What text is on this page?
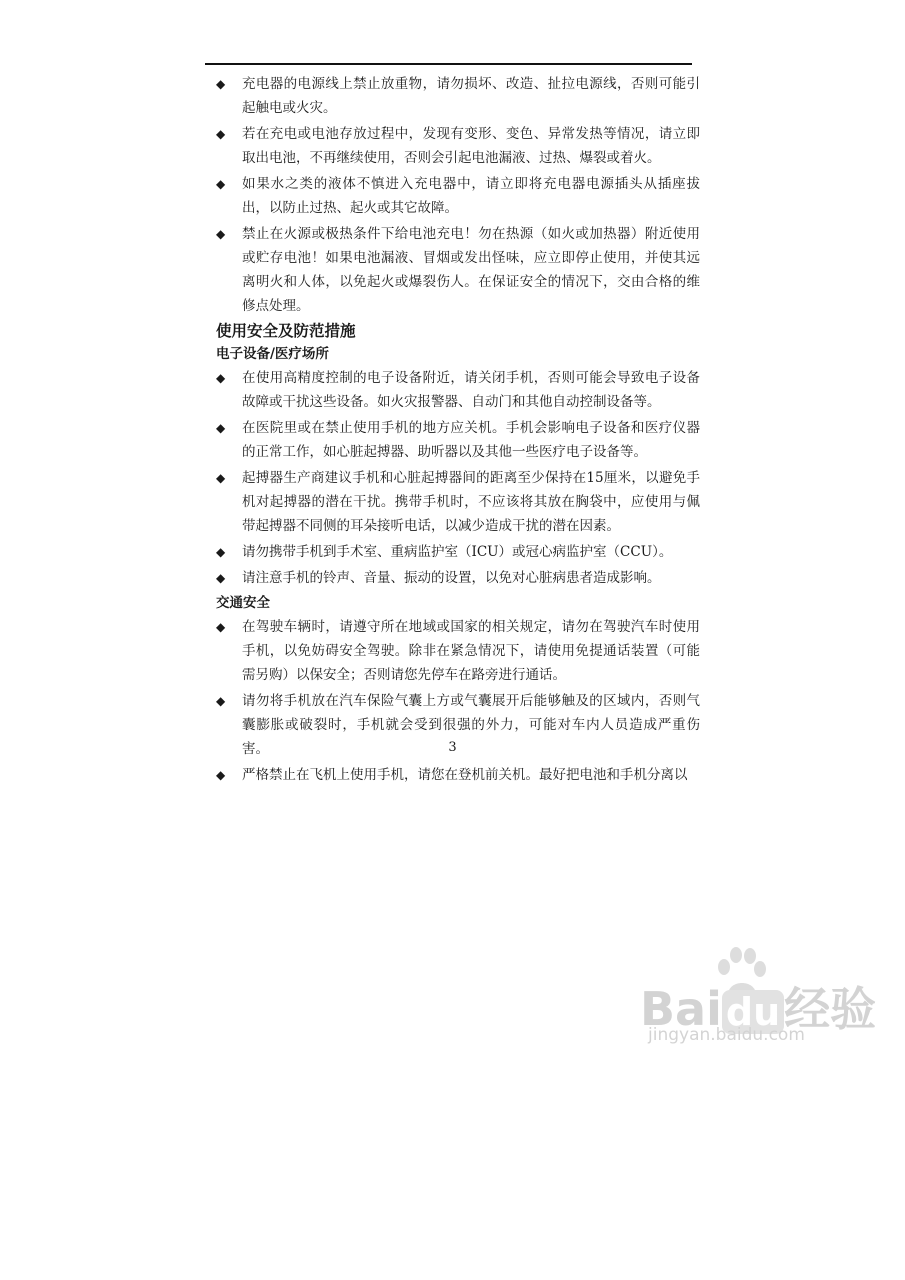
◆ 充电器的电源线上禁止放重物，请勿损坏、改造、扯拉电源线，否则可能引起触电或火灾。
◆ 若在充电或电池存放过程中，发现有变形、变色、异常发热等情况，请立即取出电池，不再继续使用，否则会引起电池漏液、过热、爆裂或着火。
◆ 如果水之类的液体不慎进入充电器中，请立即将充电器电源插头从插座拔出，以防止过热、起火或其它故障。
◆ 禁止在火源或极热条件下给电池充电！勿在热源（如火或加热器）附近使用或贮存电池！如果电池漏液、冒烟或发出怪味，应立即停止使用，并使其远离明火和人体，以免起火或爆裂伤人。在保证安全的情况下，交由合格的维修点处理。
使用安全及防范措施
电子设备/医疗场所
◆ 在使用高精度控制的电子设备附近，请关闭手机，否则可能会导致电子设备故障或干扰这些设备。如火灾报警器、自动门和其他自动控制设备等。
◆ 在医院里或在禁止使用手机的地方应关机。手机会影响电子设备和医疗仪器的正常工作，如心脏起搏器、助听器以及其他一些医疗电子设备等。
◆ 起搏器生产商建议手机和心脏起搏器间的距离至少保持在15厘米，以避免手机对起搏器的潜在干扰。携带手机时，不应该将其放在胸袋中，应使用与佩带起搏器不同侧的耳朵接听电话，以减少造成干扰的潜在因素。
◆ 请勿携带手机到手术室、重病监护室（ICU）或冠心病监护室（CCU）。
◆ 请注意手机的铃声、音量、振动的设置，以免对心脏病患者造成影响。
交通安全
◆ 在驾驶车辆时，请遵守所在地域或国家的相关规定，请勿在驾驶汽车时使用手机，以免妨碍安全驾驶。除非在紧急情况下，请使用免提通话装置（可能需另购）以保安全；否则请您先停车在路旁进行通话。
◆ 请勿将手机放在汽车保险气囊上方或气囊展开后能够触及的区域内，否则气囊膨胀或破裂时，手机就会受到很强的外力，可能对车内人员造成严重伤害。
◆ 严格禁止在飞机上使用手机，请您在登机前关机。最好把电池和手机分离以
3
Bai du经验
jingyan.baidu.com
